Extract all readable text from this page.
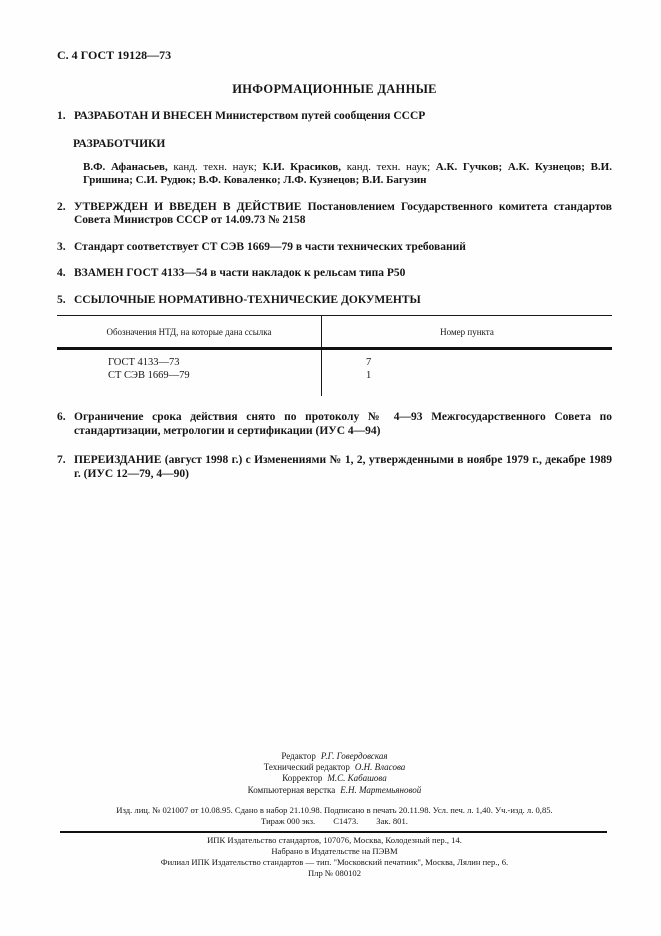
С. 4 ГОСТ 19128—73
ИНФОРМАЦИОННЫЕ ДАННЫЕ
1. РАЗРАБОТАН И ВНЕСЕН Министерством путей сообщения СССР
РАЗРАБОТЧИКИ

В.Ф. Афанасьев, канд. техн. наук; К.И. Красиков, канд. техн. наук; А.К. Гучков; А.К. Кузнецов; В.И. Гришина; С.И. Рудюк; В.Ф. Коваленко; Л.Ф. Кузнецов; В.И. Багузин

2. УТВЕРЖДЕН И ВВЕДЕН В ДЕЙСТВИЕ Постановлением Государственного комитета стандартов Совета Министров СССР от 14.09.73 № 2158
3. Стандарт соответствует СТ СЭВ 1669—79 в части технических требований
4. ВЗАМЕН ГОСТ 4133—54 в части накладок к рельсам типа Р50
5. ССЫЛОЧНЫЕ НОРМАТИВНО-ТЕХНИЧЕСКИЕ ДОКУМЕНТЫ
Обозначения НТД, на которые дана ссылка	Номер пункта
ГОСТ 4133—73	7
СТ СЭВ 1669—79	1
6. Ограничение срока действия снято по протоколу № 4—93 Межгосударственного Совета по стандартизации, метрологии и сертификации (ИУС 4—94)
7. ПЕРЕИЗДАНИЕ (август 1998 г.) с Изменениями № 1, 2, утвержденными в ноябре 1979 г., декабре 1989 г. (ИУС 12—79, 4—90)
Редактор Р.Г. Говердовская
Технический редактор О.Н. Власова
Корректор М.С. Кабашова
Компьютерная верстка Е.Н. Мартемьяновой
Изд. лиц. № 021007 от 10.08.95. Сдано в набор 21.10.98. Подписано в печать 20.11.98. Усл. печ. л. 1,40. Уч.-изд. л. 0,85.
Тираж 000 экз. С1473. Зак. 801.
ИПК Издательство стандартов, 107076, Москва, Колодезный пер., 14.
Набрано в Издательстве на ПЭВМ
Филиал ИПК Издательство стандартов — тип. "Московский печатник", Москва, Лялин пер., 6.
Плр № 080102
